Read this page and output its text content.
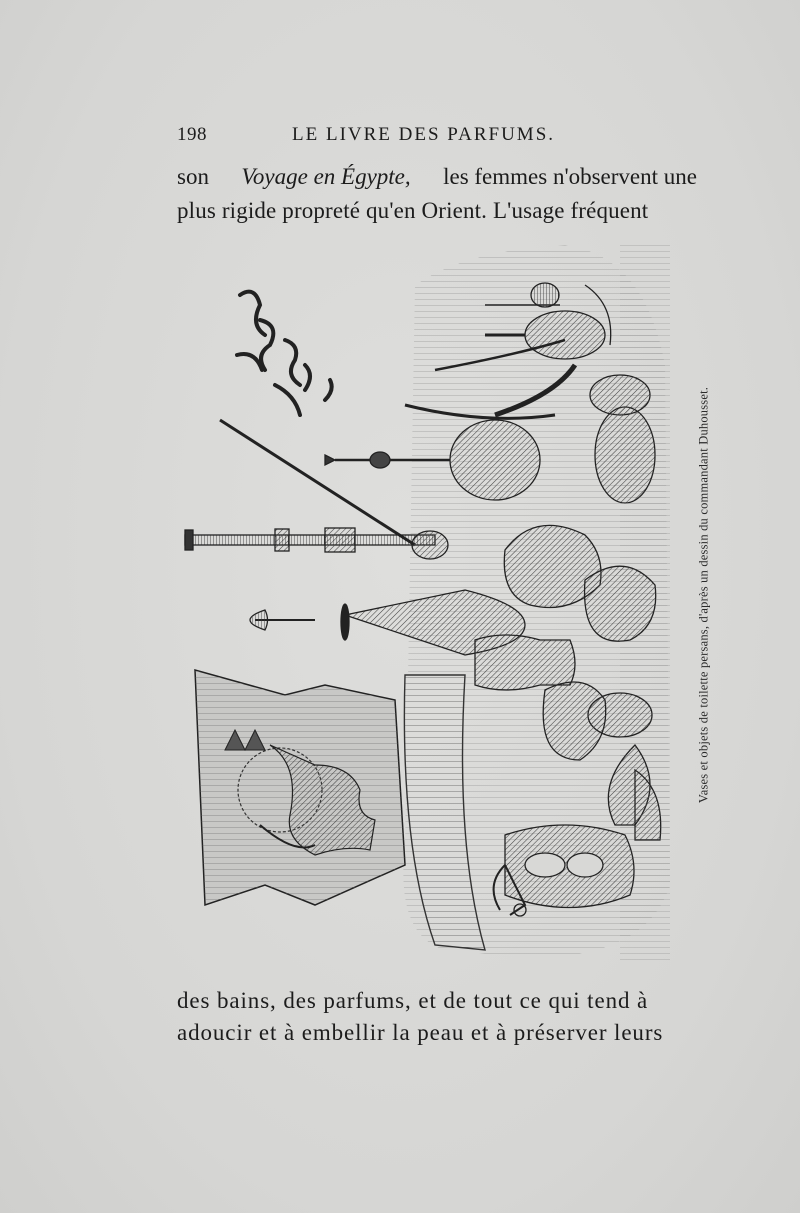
198	LE LIVRE DES PARFUMS.
son Voyage en Égypte, les femmes n'observent une
plus rigide propreté qu'en Orient. L'usage fréquent
Vases et objets de toilette persans, d'après un dessin du commandant Duhousset.
des bains, des parfums, et de tout ce qui tend à
adoucir et à embellir la peau et à préserver leurs
